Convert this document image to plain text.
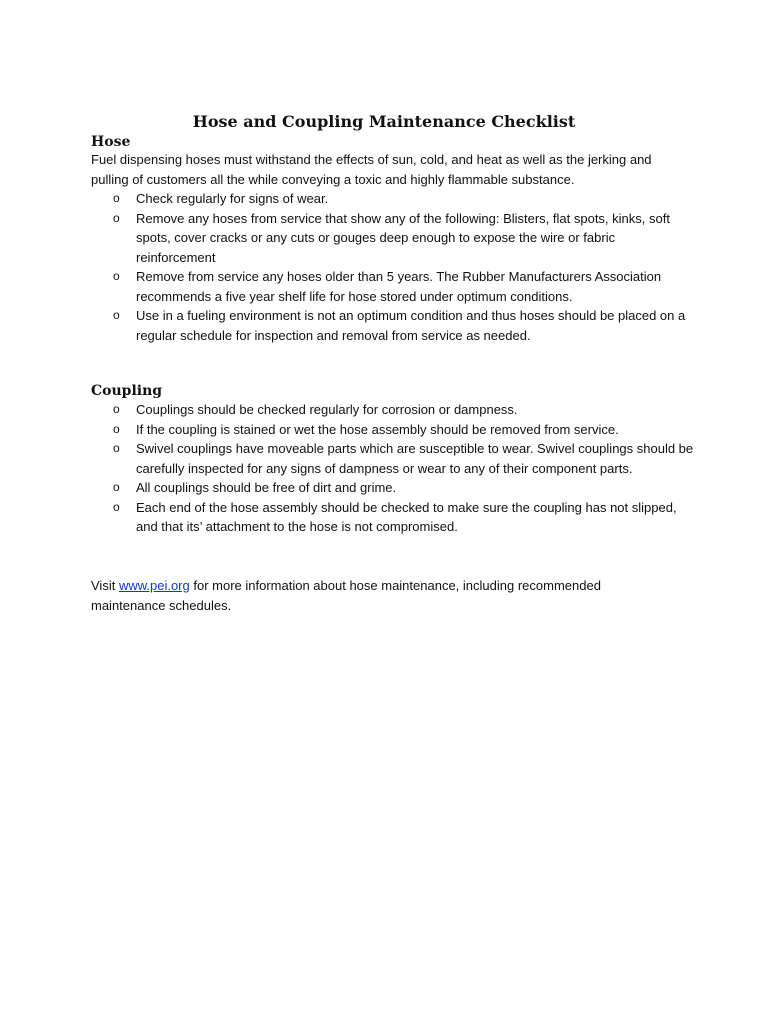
Hose and Coupling Maintenance Checklist
Hose

Fuel dispensing hoses must withstand the effects of sun, cold, and heat as well as the jerking and pulling of customers all the while conveying a toxic and highly flammable substance.

o Check regularly for signs of wear.
o Remove any hoses from service that show any of the following: Blisters, flat spots, kinks, soft spots, cover cracks or any cuts or gouges deep enough to expose the wire or fabric reinforcement
o Remove from service any hoses older than 5 years. The Rubber Manufacturers Association recommends a five year shelf life for hose stored under optimum conditions.
o Use in a fueling environment is not an optimum condition and thus hoses should be placed on a regular schedule for inspection and removal from service as needed.
Coupling
o Couplings should be checked regularly for corrosion or dampness.
o If the coupling is stained or wet the hose assembly should be removed from service.
o Swivel couplings have moveable parts which are susceptible to wear. Swivel couplings should be carefully inspected for any signs of dampness or wear to any of their component parts.
o All couplings should be free of dirt and grime.
o Each end of the hose assembly should be checked to make sure the coupling has not slipped, and that its’ attachment to the hose is not compromised.

Visit www.pei.org for more information about hose maintenance, including recommended maintenance schedules.
